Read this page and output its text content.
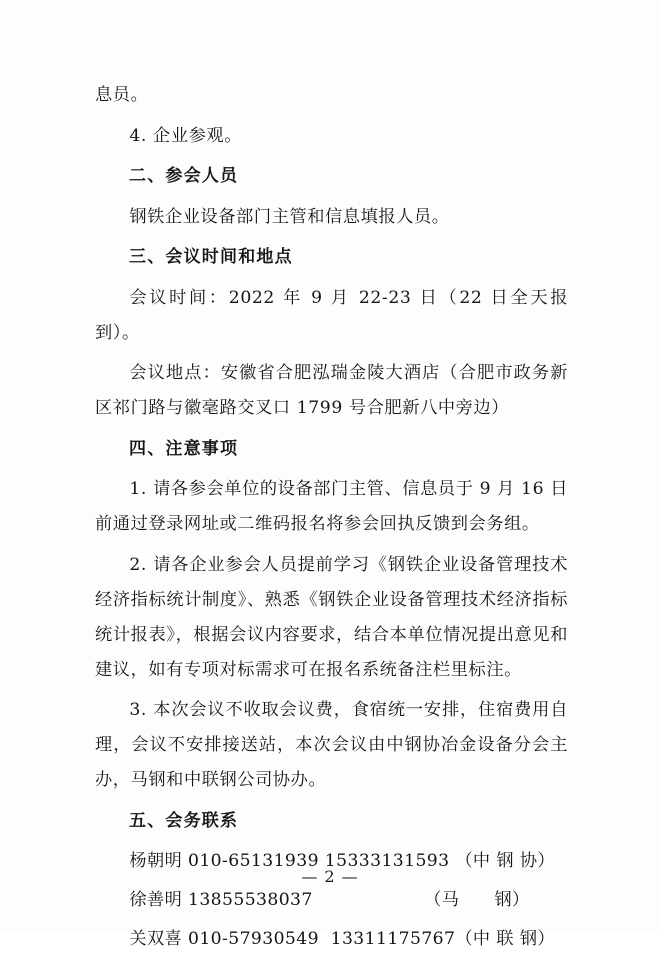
息员。

4. 企业参观。

二、参会人员

钢铁企业设备部门主管和信息填报人员。

三、会议时间和地点

会议时间：2022 年 9 月 22-23 日（22 日全天报到）。

会议地点：安徽省合肥泓瑞金陵大酒店（合肥市政务新区祁门路与徽毫路交叉口 1799 号合肥新八中旁边）

四、注意事项

1. 请各参会单位的设备部门主管、信息员于 9 月 16 日前通过登录网址或二维码报名将参会回执反馈到会务组。

2. 请各企业参会人员提前学习《钢铁企业设备管理技术经济指标统计制度》、熟悉《钢铁企业设备管理技术经济指标统计报表》，根据会议内容要求，结合本单位情况提出意见和建议，如有专项对标需求可在报名系统备注栏里标注。

3. 本次会议不收取会议费，食宿统一安排，住宿费用自理，会议不安排接送站，本次会议由中钢协冶金设备分会主办，马钢和中联钢公司协办。

五、会务联系

杨朝明 010-65131939 15333131593 （中 钢 协）

徐善明 13855538037                   （马      钢）

关双喜 010-57930549  13311175767（中 联 钢）

— 2 —
